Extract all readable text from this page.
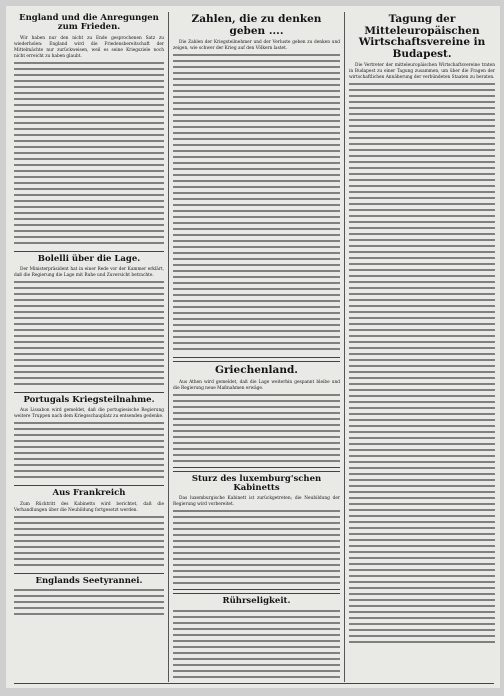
England und die Anregungen zum Frieden.

Wir haben nur den nicht zu Ende gesprochenen Satz zu wiederholen: England wird die Friedensbereitschaft der Mittelmächte nur zurückweisen, weil es seine Kriegsziele noch nicht erreicht zu haben glaubt.

Bolelli über die Lage.

Der Ministerpräsident hat in einer Rede vor der Kammer erklärt, daß die Regierung die Lage mit Ruhe und Zuversicht betrachte.

Portugals Kriegsteilnahme.

Aus Lissabon wird gemeldet, daß die portugiesische Regierung weitere Truppen nach dem Kriegsschauplatz zu entsenden gedenke.

Aus Frankreich

Zum Rücktritt des Kabinetts wird berichtet, daß die Verhandlungen über die Neubildung fortgesetzt werden.

Englands Seetyrannei.
Zahlen, die zu denken geben ....

Die Zahlen der Kriegsteilnehmer und der Verluste geben zu denken und zeigen, wie schwer der Krieg auf den Völkern lastet.

Griechenland.

Aus Athen wird gemeldet, daß die Lage weiterhin gespannt bleibe und die Regierung neue Maßnahmen erwäge.

Sturz des luxemburg'schen Kabinetts

Das luxemburgische Kabinett ist zurückgetreten; die Neubildung der Regierung wird vorbereitet.

Rührseligkeit.
Tagung der Mitteleuropäischen Wirtschaftsvereine in Budapest.

Die Vertreter der mitteleuropäischen Wirtschaftsvereine traten in Budapest zu einer Tagung zusammen, um über die Fragen der wirtschaftlichen Annäherung der verbündeten Staaten zu beraten.
